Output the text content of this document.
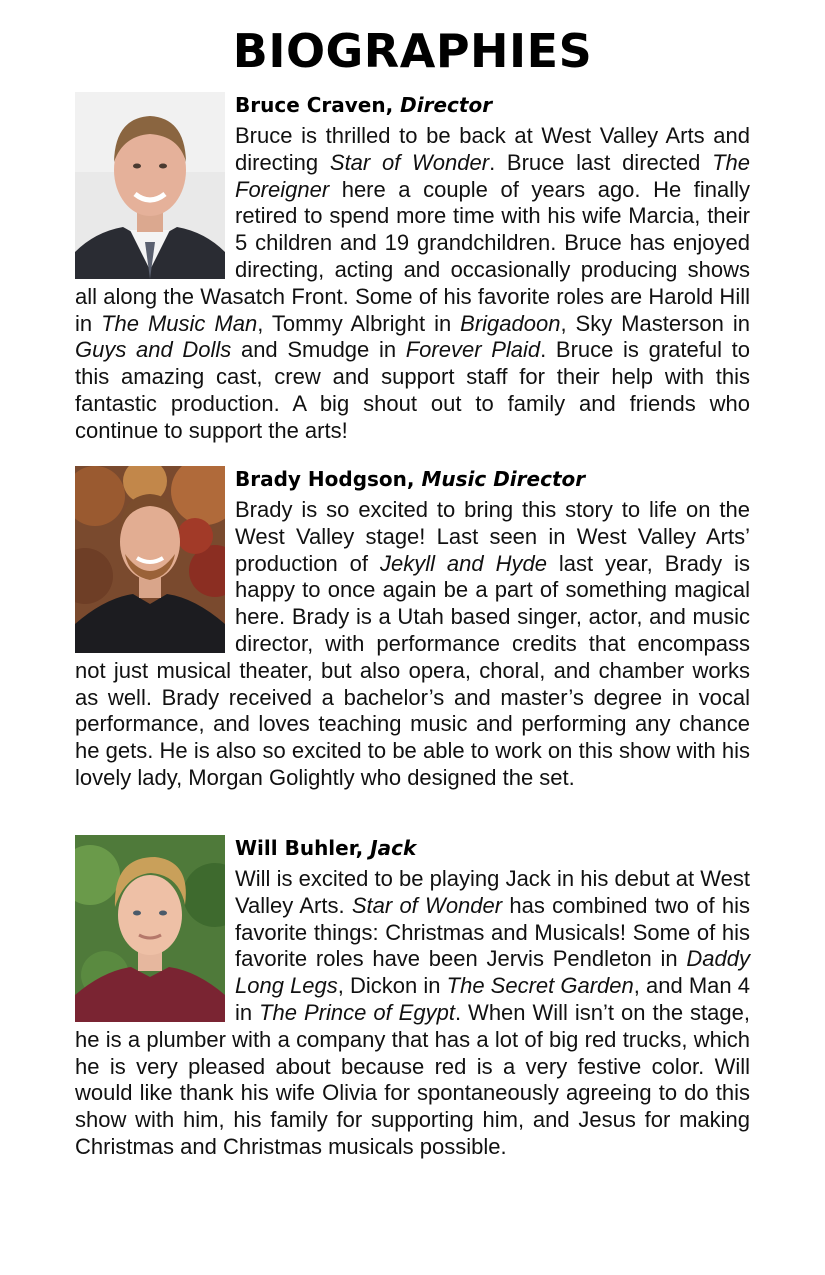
BIOGRAPHIES
Bruce Craven, Director

Bruce is thrilled to be back at West Valley Arts and directing Star of Wonder. Bruce last directed The Foreigner here a couple of years ago. He finally retired to spend more time with his wife Marcia, their 5 children and 19 grandchildren. Bruce has enjoyed directing, acting and occasionally producing shows all along the Wasatch Front. Some of his favorite roles are Harold Hill in The Music Man, Tommy Albright in Brigadoon, Sky Masterson in Guys and Dolls and Smudge in Forever Plaid. Bruce is grateful to this amazing cast, crew and support staff for their help with this fantastic production. A big shout out to family and friends who continue to support the arts!

Brady Hodgson, Music Director

Brady is so excited to bring this story to life on the West Valley stage! Last seen in West Valley Arts’ production of Jekyll and Hyde last year, Brady is happy to once again be a part of something magical here. Brady is a Utah based singer, actor, and music director, with performance credits that encompass not just musical theater, but also opera, choral, and chamber works as well. Brady received a bachelor’s and master’s degree in vocal performance, and loves teaching music and performing any chance he gets. He is also so excited to be able to work on this show with his lovely lady, Morgan Golightly who designed the set.

Will Buhler, Jack

Will is excited to be playing Jack in his debut at West Valley Arts. Star of Wonder has combined two of his favorite things: Christmas and Musicals! Some of his favorite roles have been Jervis Pendleton in Daddy Long Legs, Dickon in The Secret Garden, and Man 4 in The Prince of Egypt. When Will isn’t on the stage, he is a plumber with a company that has a lot of big red trucks, which he is very pleased about because red is a very festive color. Will would like thank his wife Olivia for spontaneously agreeing to do this show with him, his family for supporting him, and Jesus for making Christmas and Christmas musicals possible.
